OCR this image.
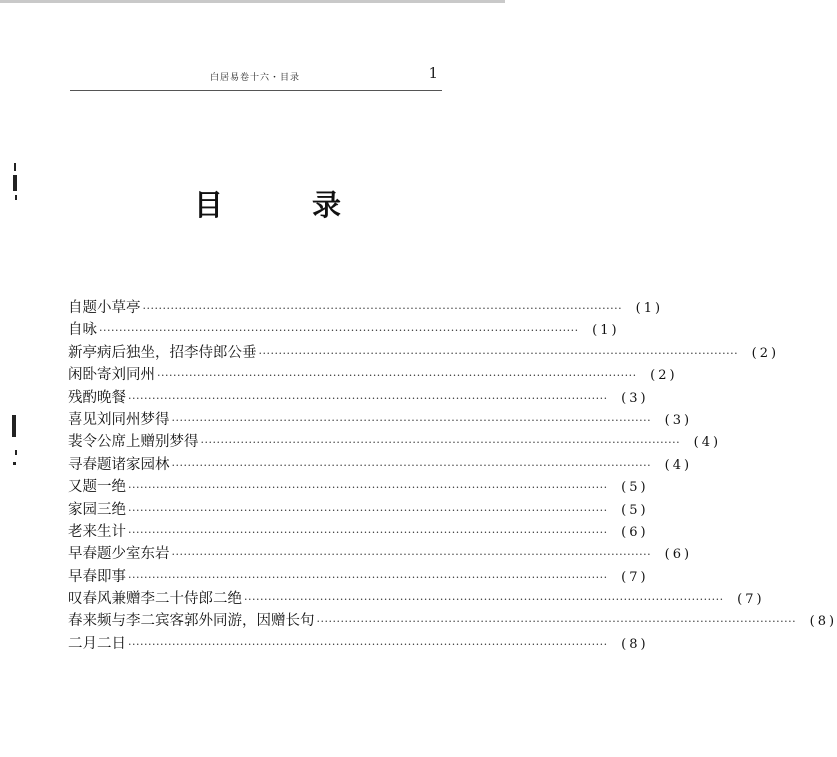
白居易卷十六・目录	1
目　录
自题小草亭 ························································································································	(1)
自咏 ························································································································	(1)
新亭病后独坐，招李侍郎公垂 ························································································································	(2)
闲卧寄刘同州 ························································································································	(2)
残酌晚餐 ························································································································	(3)
喜见刘同州梦得 ························································································································	(3)
裴令公席上赠别梦得 ························································································································	(4)
寻春题诸家园林 ························································································································	(4)
又题一绝 ························································································································	(5)
家园三绝 ························································································································	(5)
老来生计 ························································································································	(6)
早春题少室东岩 ························································································································	(6)
早春即事 ························································································································	(7)
叹春风兼赠李二十侍郎二绝 ························································································································	(7)
春来频与李二宾客郭外同游，因赠长句 ························································································································	(8)
二月二日 ························································································································	(8)
